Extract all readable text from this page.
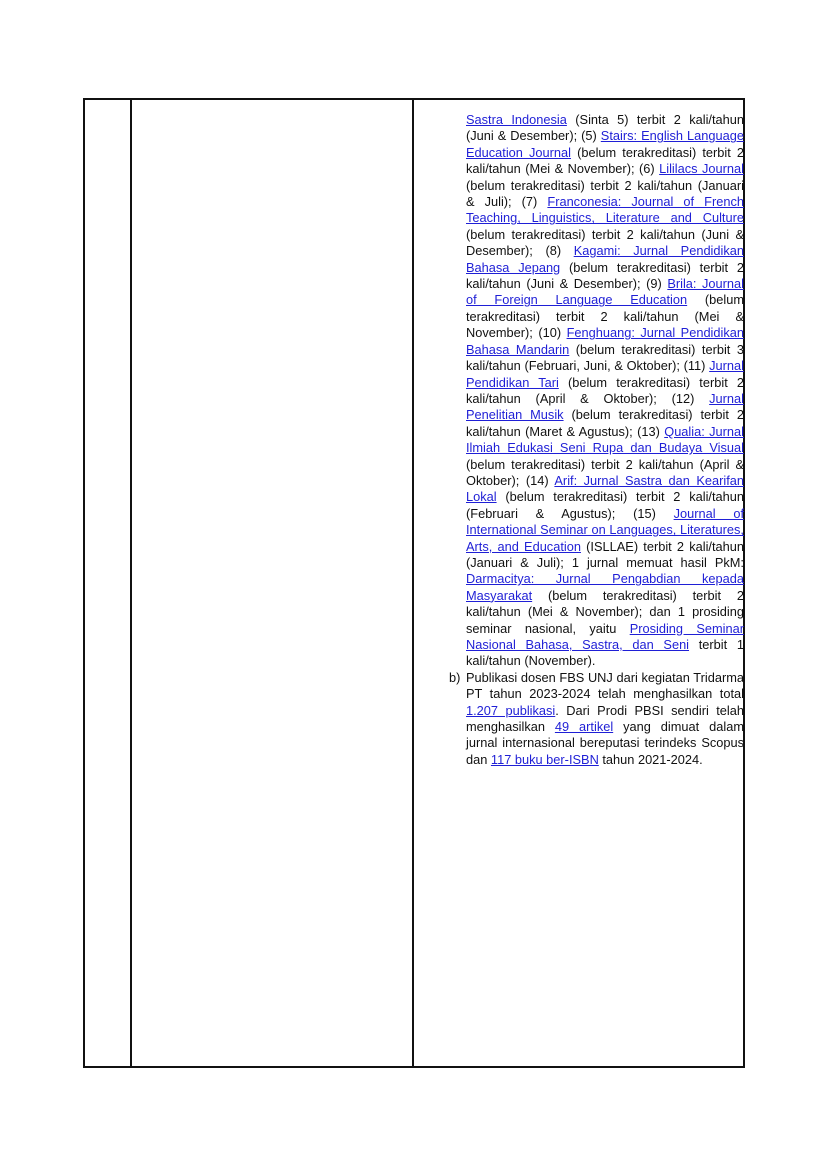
Sastra Indonesia (Sinta 5) terbit 2 kali/tahun (Juni & Desember); (5) Stairs: English Language Education Journal (belum terakreditasi) terbit 2 kali/tahun (Mei & November); (6) Lililacs Journal (belum terakreditasi) terbit 2 kali/tahun (Januari & Juli); (7) Franconesia: Journal of French Teaching, Linguistics, Literature and Culture (belum terakreditasi) terbit 2 kali/tahun (Juni & Desember); (8) Kagami: Jurnal Pendidikan Bahasa Jepang (belum terakreditasi) terbit 2 kali/tahun (Juni & Desember); (9) Brila: Journal of Foreign Language Education (belum terakreditasi) terbit 2 kali/tahun (Mei & November); (10) Fenghuang: Jurnal Pendidikan Bahasa Mandarin (belum terakreditasi) terbit 3 kali/tahun (Februari, Juni, & Oktober); (11) Jurnal Pendidikan Tari (belum terakreditasi) terbit 2 kali/tahun (April & Oktober); (12) Jurnal Penelitian Musik (belum terakreditasi) terbit 2 kali/tahun (Maret & Agustus); (13) Qualia: Jurnal Ilmiah Edukasi Seni Rupa dan Budaya Visual (belum terakreditasi) terbit 2 kali/tahun (April & Oktober); (14) Arif: Jurnal Sastra dan Kearifan Lokal (belum terakreditasi) terbit 2 kali/tahun (Februari & Agustus); (15) Journal of International Seminar on Languages, Literatures, Arts, and Education (ISLLAE) terbit 2 kali/tahun (Januari & Juli); 1 jurnal memuat hasil PkM: Darmacitya: Jurnal Pengabdian kepada Masyarakat (belum terakreditasi) terbit 2 kali/tahun (Mei & November); dan 1 prosiding seminar nasional, yaitu Prosiding Seminar Nasional Bahasa, Sastra, dan Seni terbit 1 kali/tahun (November).

b) Publikasi dosen FBS UNJ dari kegiatan Tridarma PT tahun 2023-2024 telah menghasilkan total 1.207 publikasi. Dari Prodi PBSI sendiri telah menghasilkan 49 artikel yang dimuat dalam jurnal internasional bereputasi terindeks Scopus dan 117 buku ber-ISBN tahun 2021-2024.
